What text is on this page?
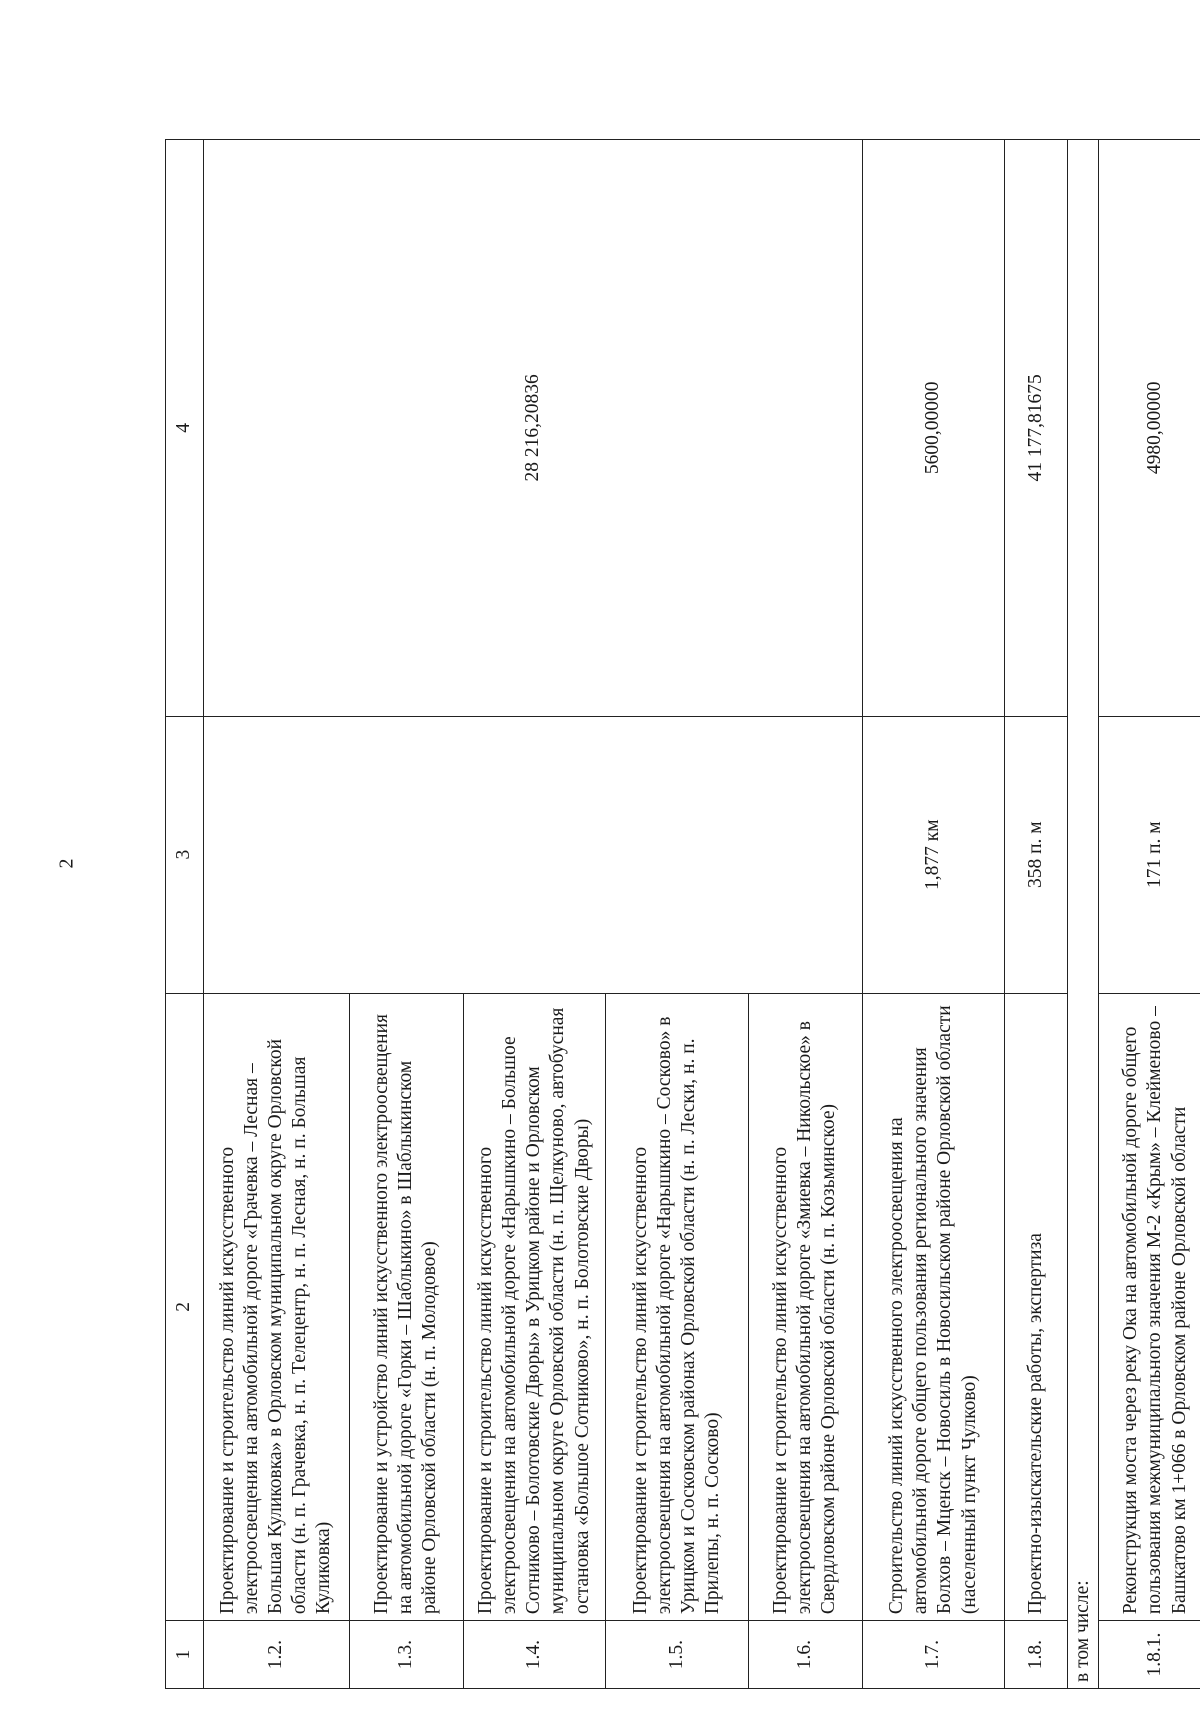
2
1	2	3	4
1.2.	Проектирование и строительство линий искусственного электроосвещения на автомобильной дороге «Грачевка – Лесная – Большая Куликовка» в Орловском муниципальном округе Орловской области (н. п. Грачевка, н. п. Телецентр, н. п. Лесная, н. п. Большая Куликовка)		28 216,20836
1.3.	Проектирование и устройство линий искусственного электроосвещения на автомобильной дороге «Горки – Шаблыкино» в Шаблыкинском районе Орловской области (н. п. Молодовое)		
1.4.	Проектирование и строительство линий искусственного электроосвещения на автомобильной дороге «Нарышкино – Большое Сотниково – Болотовские Дворы» в Урицком районе и Орловском муниципальном округе Орловской области (н. п. Щелкуново, автобусная остановка «Большое Сотниково», н. п. Болотовские Дворы)		
1.5.	Проектирование и строительство линий искусственного электроосвещения на автомобильной дороге «Нарышкино – Сосково» в Урицком и Сосковском районах Орловской области (н. п. Лески, н. п. Прилепы, н. п. Сосково)		
1.6.	Проектирование и строительство линий искусственного электроосвещения на автомобильной дороге «Змиевка – Никольское» в Свердловском районе Орловской области (н. п. Козьминское)		
1.7.	Строительство линий искусственного электроосвещения на автомобильной дороге общего пользования регионального значения Болхов – Мценск – Новосиль в Новосильском районе Орловской области (населенный пункт Чулково)	1,877 км	5600,00000
1.8.	Проектно-изыскательские работы, экспертиза	358 п. м	41 177,81675
в том числе:			
1.8.1.	Реконструкция моста через реку Ока на автомобильной дороге общего пользования межмуниципального значения М-2 «Крым» – Клейменово – Башкатово км 1+066 в Орловском районе Орловской области	171 п. м	4980,00000
